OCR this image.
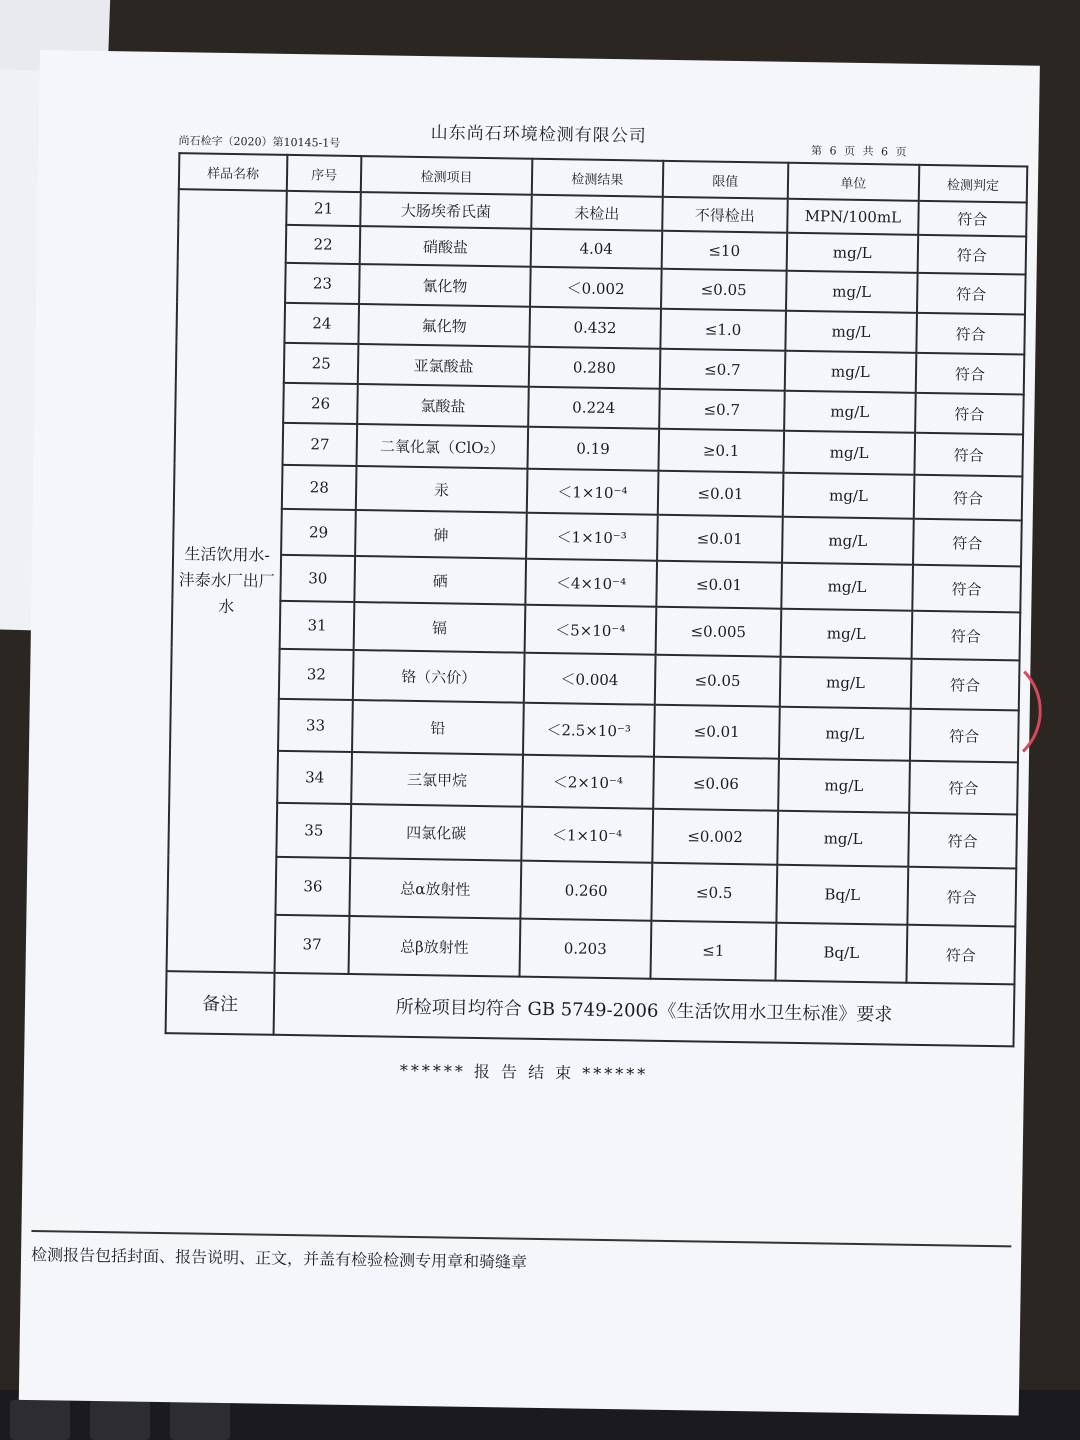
山东尚石环境检测有限公司
尚石检字（2020）第10145-1号
第 6 页 共 6 页
样品名称	序号	检测项目	检测结果	限值	单位	检测判定
生活饮用水-沣泰水厂出厂水	21	大肠埃希氏菌	未检出	不得检出	MPN/100mL	符合
	22	硝酸盐	4.04	≤10	mg/L	符合
	23	氰化物	＜0.002	≤0.05	mg/L	符合
	24	氟化物	0.432	≤1.0	mg/L	符合
	25	亚氯酸盐	0.280	≤0.7	mg/L	符合
	26	氯酸盐	0.224	≤0.7	mg/L	符合
	27	二氧化氯（ClO₂）	0.19	≥0.1	mg/L	符合
	28	汞	＜1×10⁻⁴	≤0.01	mg/L	符合
	29	砷	＜1×10⁻³	≤0.01	mg/L	符合
	30	硒	＜4×10⁻⁴	≤0.01	mg/L	符合
	31	镉	＜5×10⁻⁴	≤0.005	mg/L	符合
	32	铬（六价）	＜0.004	≤0.05	mg/L	符合
	33	铅	＜2.5×10⁻³	≤0.01	mg/L	符合
	34	三氯甲烷	＜2×10⁻⁴	≤0.06	mg/L	符合
	35	四氯化碳	＜1×10⁻⁴	≤0.002	mg/L	符合
	36	总α放射性	0.260	≤0.5	Bq/L	符合
	37	总β放射性	0.203	≤1	Bq/L	符合
备注	所检项目均符合 GB 5749-2006《生活饮用水卫生标准》要求					
****** 报 告 结 束 ******
检测报告包括封面、报告说明、正文，并盖有检验检测专用章和骑缝章
